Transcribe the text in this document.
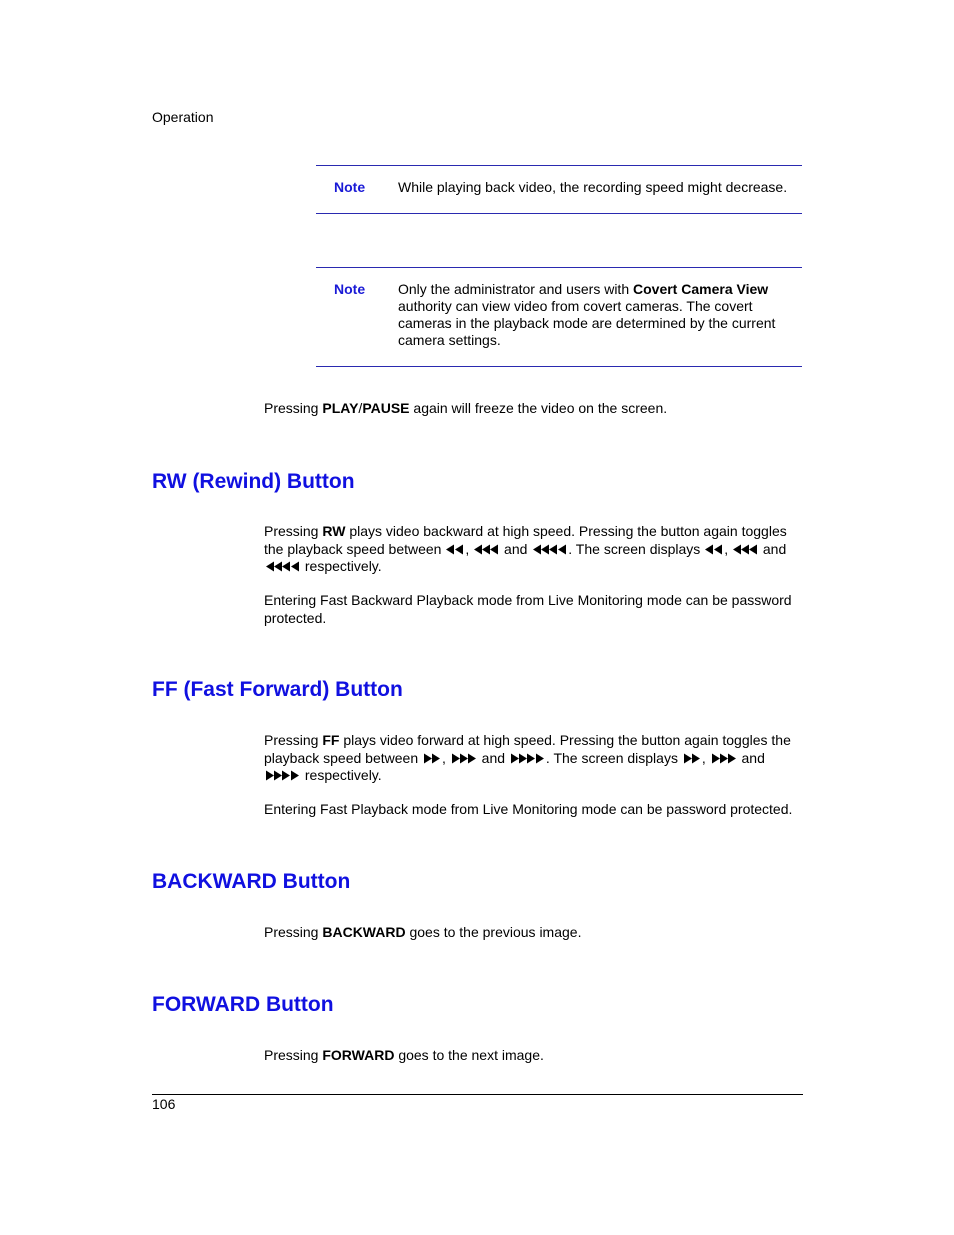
Operation
Note While playing back video, the recording speed might decrease.
Note Only the administrator and users with Covert Camera View authority can view video from covert cameras. The covert cameras in the playback mode are determined by the current camera settings.
Pressing PLAY/PAUSE again will freeze the video on the screen.
RW (Rewind) Button
Pressing RW plays video backward at high speed. Pressing the button again toggles the playback speed between
,
and	. The screen displays
,
and
respectively.
Entering Fast Backward Playback mode from Live Monitoring mode can be password protected.
FF (Fast Forward) Button
Pressing FF plays video forward at high speed. Pressing the button again toggles the playback speed between
,
and	. The screen displays
,
and
respectively.
Entering Fast Playback mode from Live Monitoring mode can be password protected.
BACKWARD Button
Pressing BACKWARD goes to the previous image.
FORWARD Button
Pressing FORWARD goes to the next image.
106
